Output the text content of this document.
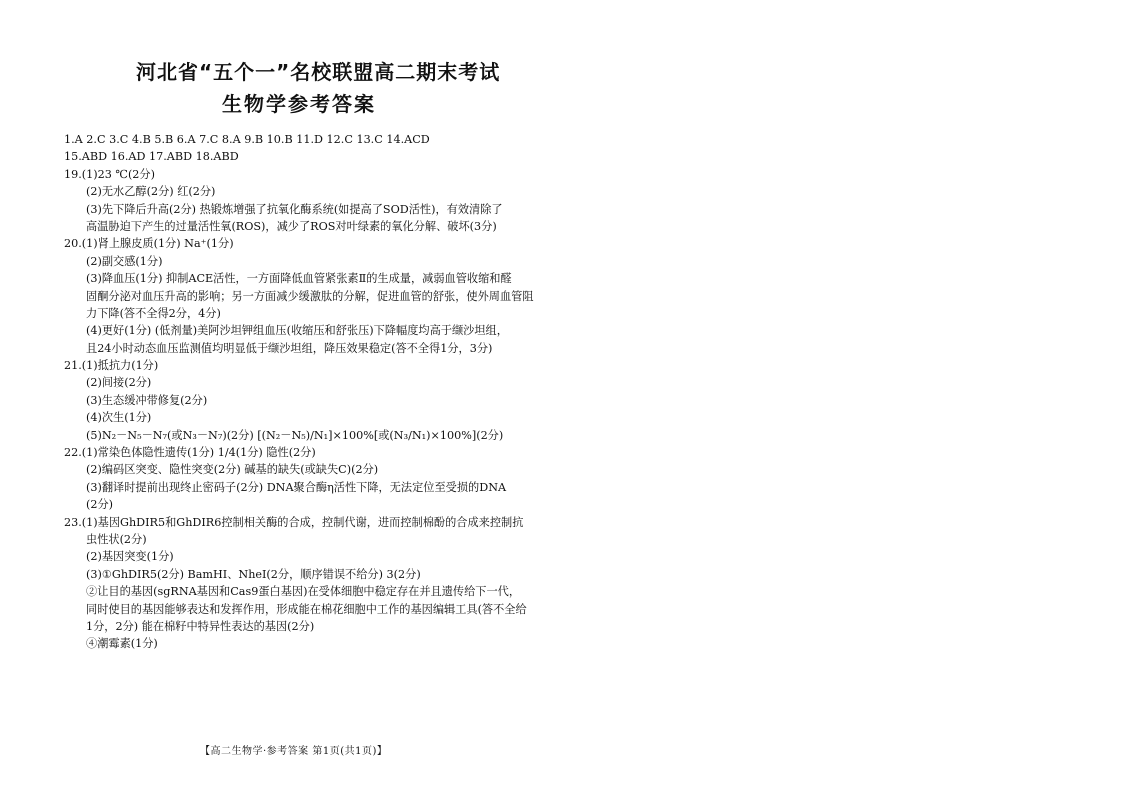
河北省“五个一”名校联盟高二期末考试
生物学参考答案
1.A 2.C 3.C 4.B 5.B 6.A 7.C 8.A 9.B 10.B 11.D 12.C 13.C 14.ACD
15.ABD 16.AD 17.ABD 18.ABD
19.(1)23 ℃(2分)
(2)无水乙醇(2分) 红(2分)
(3)先下降后升高(2分) 热锻炼增强了抗氧化酶系统(如提高了SOD活性)，有效清除了
高温胁迫下产生的过量活性氧(ROS)，减少了ROS对叶绿素的氧化分解、破坏(3分)
20.(1)肾上腺皮质(1分) Na⁺(1分)
(2)副交感(1分)
(3)降血压(1分) 抑制ACE活性，一方面降低血管紧张素Ⅱ的生成量，减弱血管收缩和醛
固酮分泌对血压升高的影响；另一方面减少缓激肽的分解，促进血管的舒张，使外周血管阻
力下降(答不全得2分，4分)
(4)更好(1分) (低剂量)美阿沙坦钾组血压(收缩压和舒张压)下降幅度均高于缬沙坦组，
且24小时动态血压监测值均明显低于缬沙坦组，降压效果稳定(答不全得1分，3分)
21.(1)抵抗力(1分)
(2)间接(2分)
(3)生态缓冲带修复(2分)
(4)次生(1分)
(5)N₂－N₅－N₇(或N₃－N₇)(2分) [(N₂－N₅)/N₁]×100%[或(N₃/N₁)×100%](2分)
22.(1)常染色体隐性遗传(1分) 1/4(1分) 隐性(2分)
(2)编码区突变、隐性突变(2分) 碱基的缺失(或缺失C)(2分)
(3)翻译时提前出现终止密码子(2分) DNA聚合酶η活性下降，无法定位至受损的DNA
(2分)
23.(1)基因GhDIR5和GhDIR6控制相关酶的合成，控制代谢，进而控制棉酚的合成来控制抗
虫性状(2分)
(2)基因突变(1分)
(3)①GhDIR5(2分) BamHⅠ、NheⅠ(2分，顺序错误不给分) 3(2分)
②让目的基因(sgRNA基因和Cas9蛋白基因)在受体细胞中稳定存在并且遗传给下一代，
同时使目的基因能够表达和发挥作用，形成能在棉花细胞中工作的基因编辑工具(答不全给
1分，2分) 能在棉籽中特异性表达的基因(2分)
④潮霉素(1分)
【高二生物学·参考答案 第1页(共1页)】
